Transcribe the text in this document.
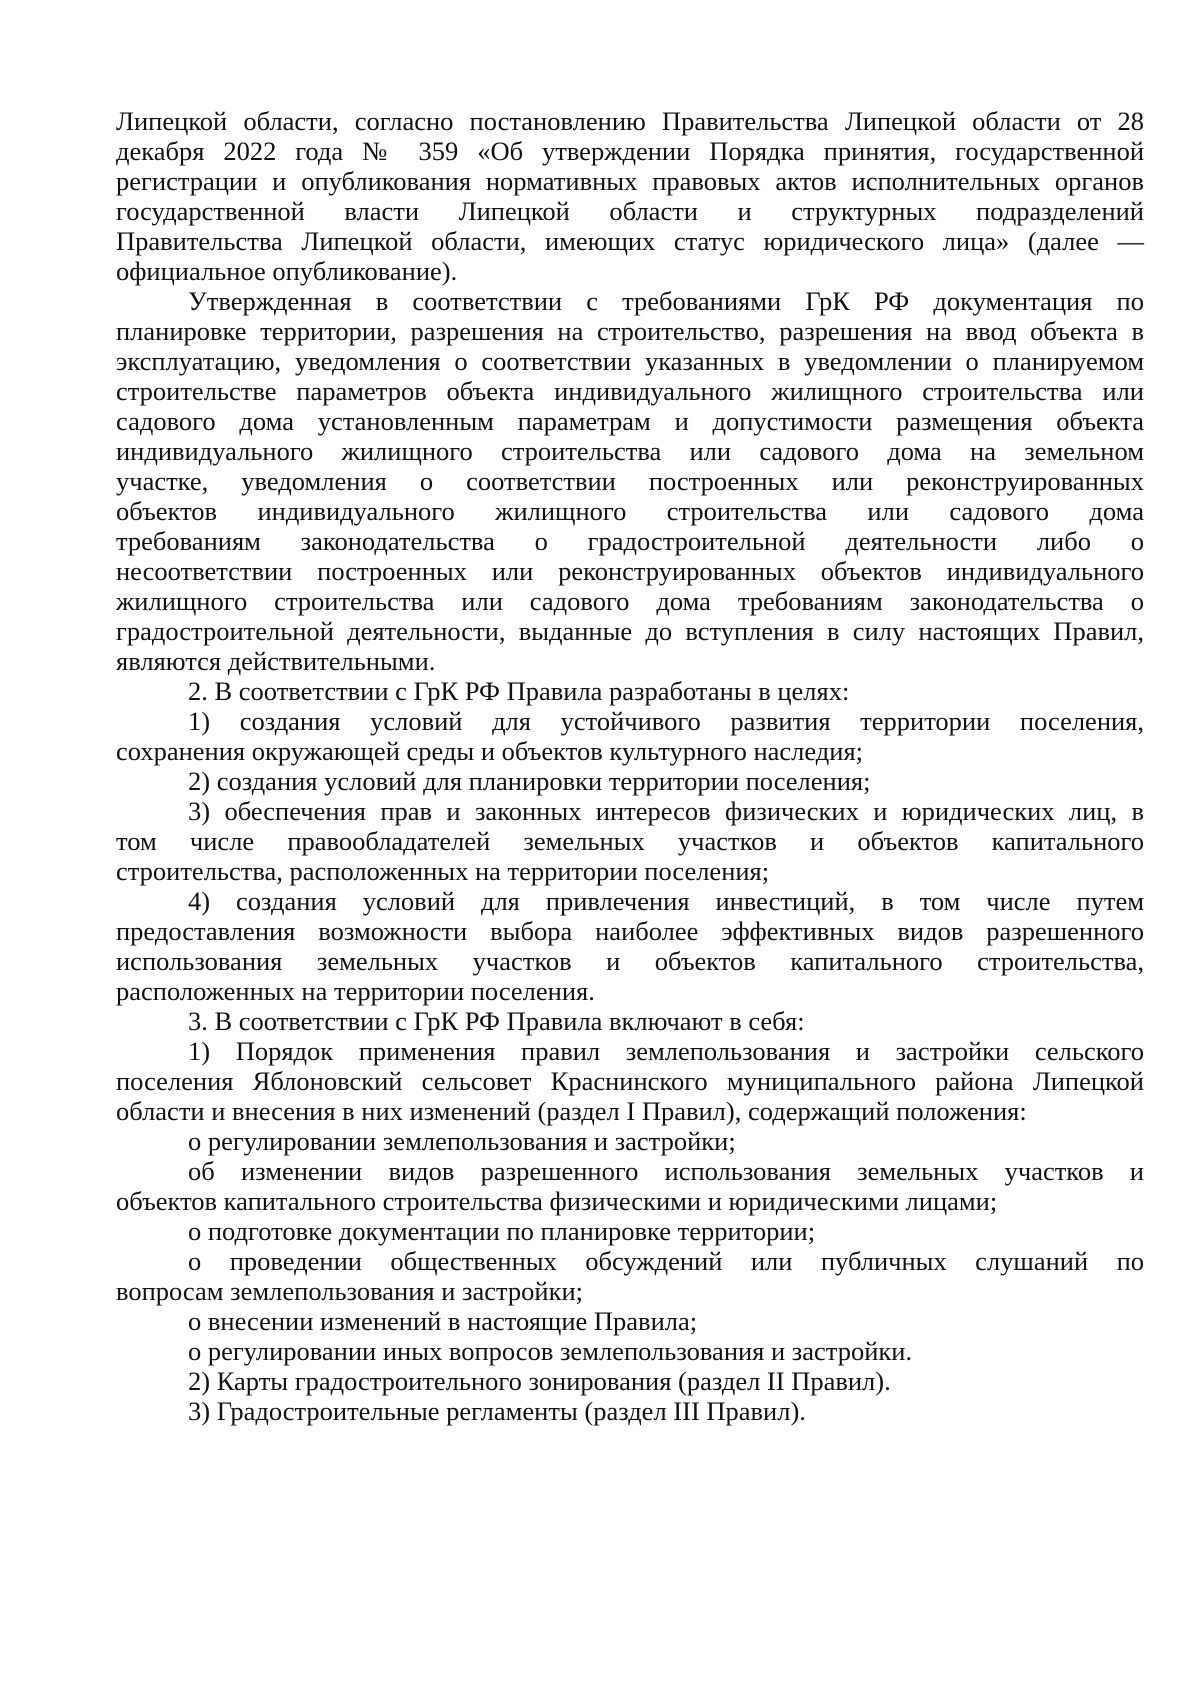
Липецкой области, согласно постановлению Правительства Липецкой области от 28
декабря 2022 года № 359 «Об утверждении Порядка принятия, государственной
регистрации и опубликования нормативных правовых актов исполнительных органов
государственной власти Липецкой области и структурных подразделений
Правительства Липецкой области, имеющих статус юридического лица» (далее —
официальное опубликование).
Утвержденная в соответствии с требованиями ГрК РФ документация по
планировке территории, разрешения на строительство, разрешения на ввод объекта в
эксплуатацию, уведомления о соответствии указанных в уведомлении о планируемом
строительстве параметров объекта индивидуального жилищного строительства или
садового дома установленным параметрам и допустимости размещения объекта
индивидуального жилищного строительства или садового дома на земельном
участке, уведомления о соответствии построенных или реконструированных
объектов индивидуального жилищного строительства или садового дома
требованиям законодательства о градостроительной деятельности либо о
несоответствии построенных или реконструированных объектов индивидуального
жилищного строительства или садового дома требованиям законодательства о
градостроительной деятельности, выданные до вступления в силу настоящих Правил,
являются действительными.
2. В соответствии с ГрК РФ Правила разработаны в целях:
1) создания условий для устойчивого развития территории поселения,
сохранения окружающей среды и объектов культурного наследия;
2) создания условий для планировки территории поселения;
3) обеспечения прав и законных интересов физических и юридических лиц, в
том числе правообладателей земельных участков и объектов капитального
строительства, расположенных на территории поселения;
4) создания условий для привлечения инвестиций, в том числе путем
предоставления возможности выбора наиболее эффективных видов разрешенного
использования земельных участков и объектов капитального строительства,
расположенных на территории поселения.
3. В соответствии с ГрК РФ Правила включают в себя:
1) Порядок применения правил землепользования и застройки сельского
поселения Яблоновский сельсовет Краснинского муниципального района Липецкой
области и внесения в них изменений (раздел I Правил), содержащий положения:
о регулировании землепользования и застройки;
об изменении видов разрешенного использования земельных участков и
объектов капитального строительства физическими и юридическими лицами;
о подготовке документации по планировке территории;
о проведении общественных обсуждений или публичных слушаний по
вопросам землепользования и застройки;
о внесении изменений в настоящие Правила;
о регулировании иных вопросов землепользования и застройки.
2) Карты градостроительного зонирования (раздел II Правил).
3) Градостроительные регламенты (раздел III Правил).
